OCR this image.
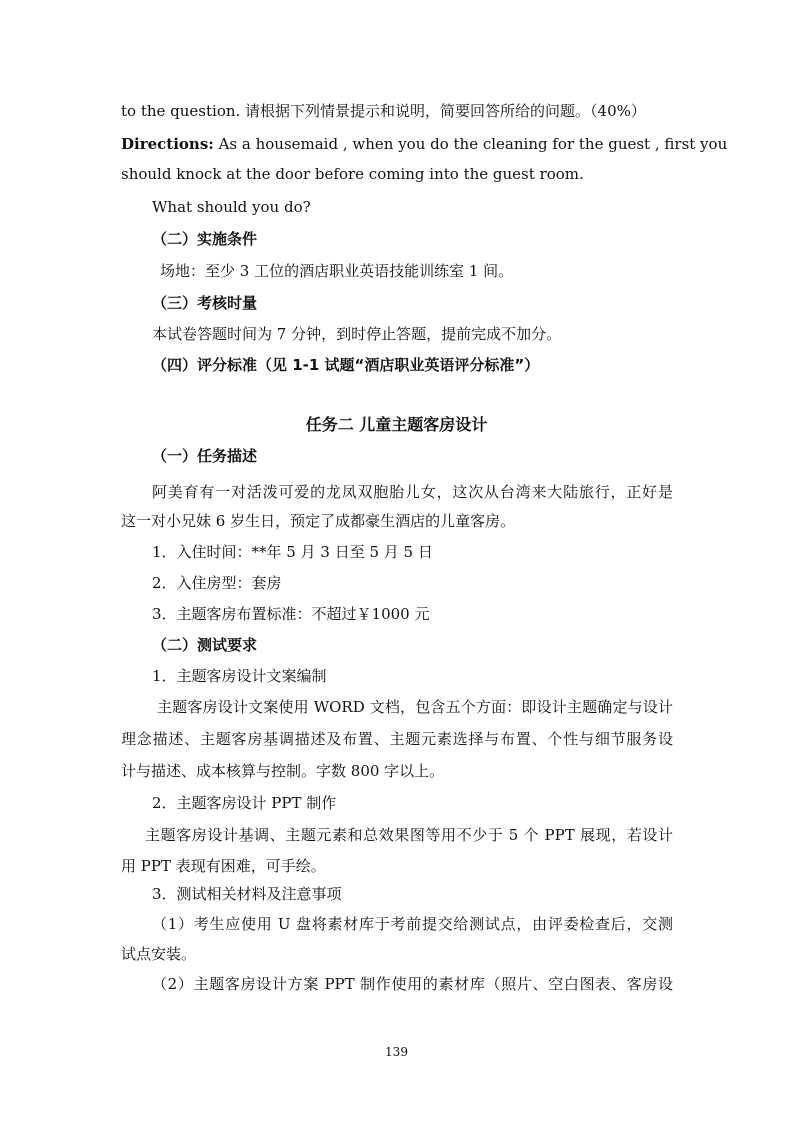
to the question. 请根据下列情景提示和说明，简要回答所给的问题。（40%）
Directions: As a housemaid , when you do the cleaning for the guest , first you
should knock at the door before coming into the guest room.
What should you do?
（二）实施条件
场地：至少 3 工位的酒店职业英语技能训练室 1 间。
（三）考核时量
本试卷答题时间为 7 分钟，到时停止答题，提前完成不加分。
（四）评分标准（见 1-1 试题“酒店职业英语评分标准”）
任务二 儿童主题客房设计
（一）任务描述
阿美育有一对活泼可爱的龙凤双胞胎儿女，这次从台湾来大陆旅行，正好是
这一对小兄妹 6 岁生日，预定了成都豪生酒店的儿童客房。
1．入住时间：**年 5 月 3 日至 5 月 5 日
2．入住房型：套房
3．主题客房布置标准：不超过￥1000 元
（二）测试要求
1．主题客房设计文案编制
主题客房设计文案使用 WORD 文档，包含五个方面：即设计主题确定与设计
理念描述、主题客房基调描述及布置、主题元素选择与布置、个性与细节服务设
计与描述、成本核算与控制。字数 800 字以上。
2．主题客房设计 PPT 制作
主题客房设计基调、主题元素和总效果图等用不少于 5 个 PPT 展现，若设计
用 PPT 表现有困难，可手绘。
3．测试相关材料及注意事项
（1）考生应使用 U 盘将素材库于考前提交给测试点，由评委检查后，交测
试点安装。
（2）主题客房设计方案 PPT 制作使用的素材库（照片、空白图表、客房设
139
